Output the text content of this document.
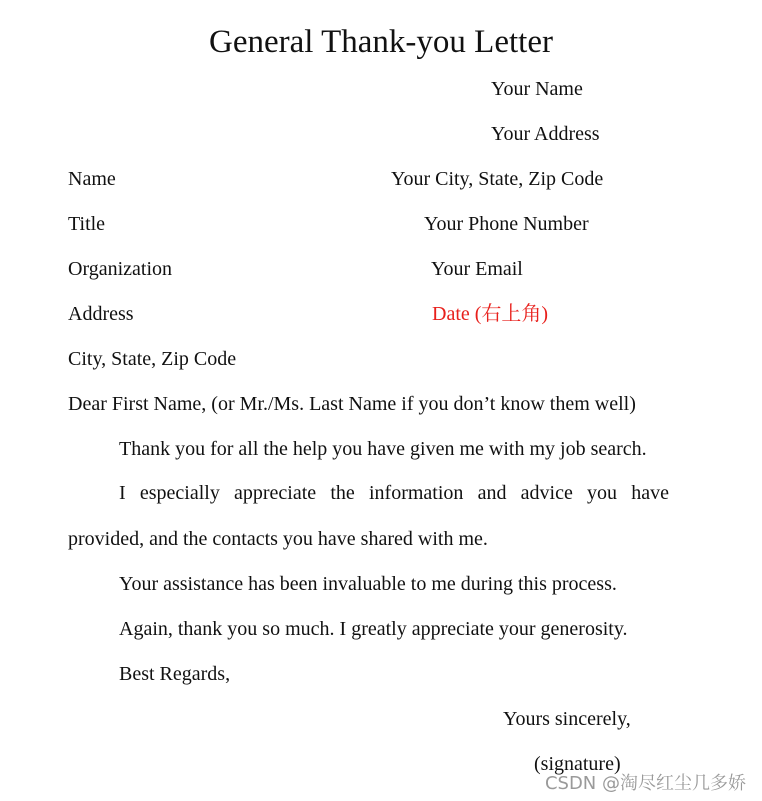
General Thank-you Letter
Your Name
Your Address
Your City, State, Zip Code
Your Phone Number
Your Email
Date (右上角)
Name
Title
Organization
Address
City, State, Zip Code
Dear First Name, (or Mr./Ms. Last Name if you don’t know them well)
Thank you for all the help you have given me with my job search.
I especially appreciate the information and advice you have
provided, and the contacts you have shared with me.
Your assistance has been invaluable to me during this process.
Again, thank you so much. I greatly appreciate your generosity.
Best Regards,
Yours sincerely,
(signature)
CSDN @淘尽红尘几多娇
